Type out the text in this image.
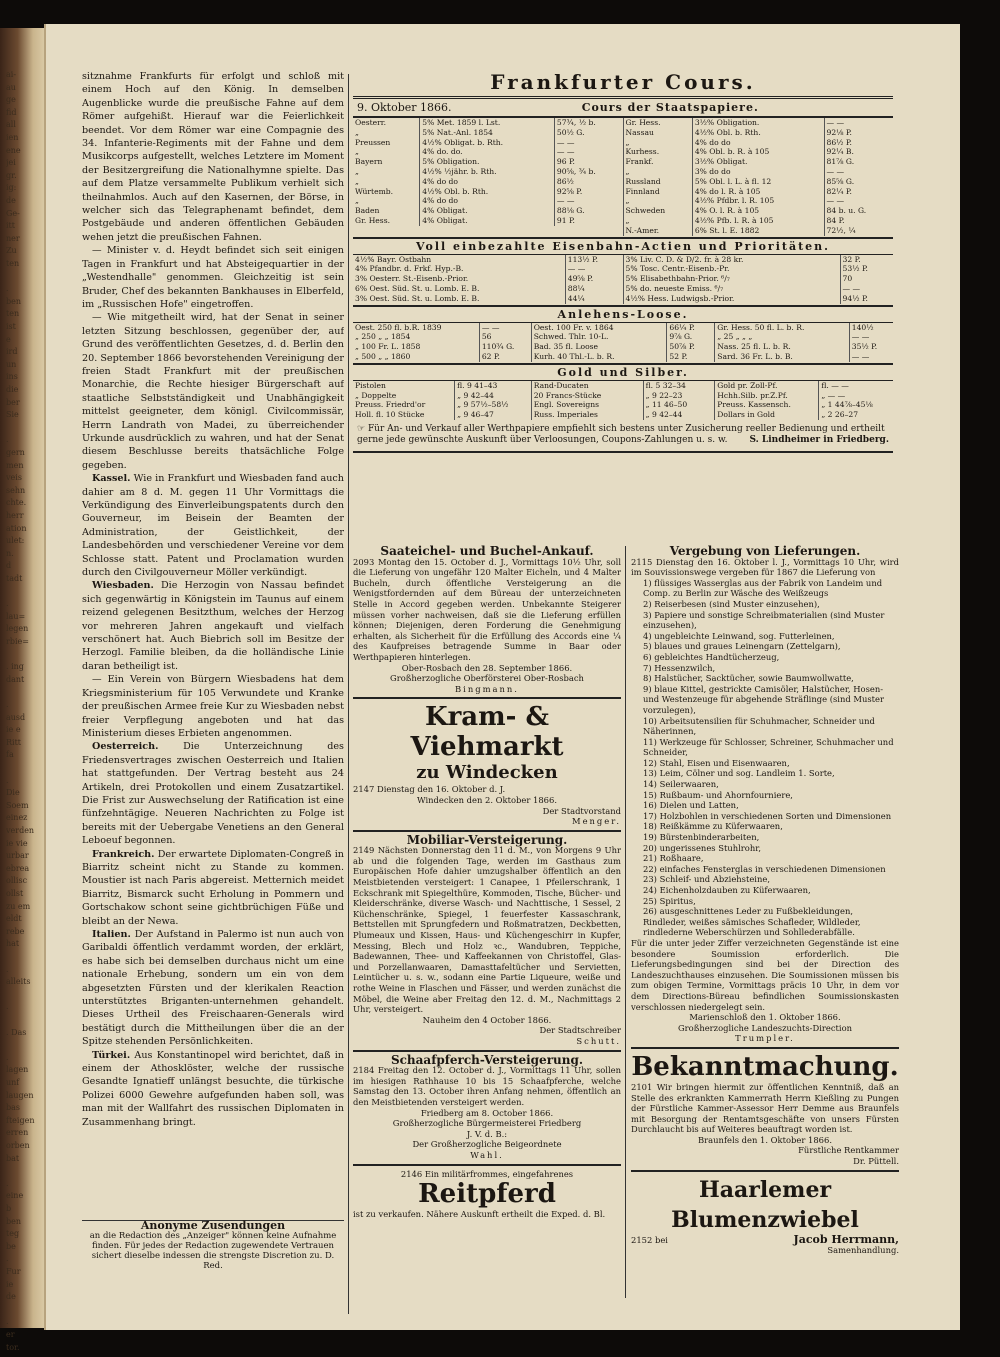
ai-
au
ge
fid
all
ien
ene
jei
gr.
ig:
de
Ge-
itt
ner
Zu
ten
.
ben
ten
ist
e
ird
un
ins
die
ber
Sie
.
gern
men
veis
sehn
chte.
herr
ation
ulet:
n.
d
tadt
.
lau=
legen
rbie=
. ing
dant
.
ausd
ie e
Ritt
fa
.
Die
Soem
einez
verden
ie vie
urbar
ebrea
ollisc
ollst
zu em
eldt
rebe
hat
.
alleits
.
. Das
.
lagen
unf
laugen
bas
fteigen
erren
orben
bat
.
eine
b
ben
teg
be
.
Fur
ie
de
.
er
tor.

sitznahme Frankfurts für erfolgt und schloß mit einem Hoch auf den König. In demselben Augenblicke wurde die preußische Fahne auf dem Römer aufgehißt. Hierauf war die Feierlichkeit beendet. Vor dem Römer war eine Compagnie des 34. Infanterie-Regiments mit der Fahne und dem Musikcorps aufgestellt, welches Letztere im Moment der Besitzergreifung die Nationalhymne spielte. Das auf dem Platze versammelte Publikum verhielt sich theilnahmlos. Auch auf den Kasernen, der Börse, in welcher sich das Telegraphenamt befindet, dem Postgebäude und anderen öffentlichen Gebäuden wehen jetzt die preußischen Fahnen.

— Minister v. d. Heydt befindet sich seit einigen Tagen in Frankfurt und hat Absteigequartier in der „Westendhalle" genommen. Gleichzeitig ist sein Bruder, Chef des bekannten Bankhauses in Elberfeld, im „Russischen Hofe" eingetroffen.

— Wie mitgetheilt wird, hat der Senat in seiner letzten Sitzung beschlossen, gegenüber der, auf Grund des veröffentlichten Gesetzes, d. d. Berlin den 20. September 1866 bevorstehenden Vereinigung der freien Stadt Frankfurt mit der preußischen Monarchie, die Rechte hiesiger Bürgerschaft auf staatliche Selbstständigkeit und Unabhängigkeit mittelst geeigneter, dem königl. Civilcommissär, Herrn Landrath von Madei, zu überreichender Urkunde ausdrücklich zu wahren, und hat der Senat diesem Beschlusse bereits thatsächliche Folge gegeben.

Kassel. Wie in Frankfurt und Wiesbaden fand auch dahier am 8 d. M. gegen 11 Uhr Vormittags die Verkündigung des Einverleibungspatents durch den Gouverneur, im Beisein der Beamten der Administration, der Geistlichkeit, der Landesbehörden und verschiedener Vereine vor dem Schlosse statt. Patent und Proclamation wurden durch den Civilgouverneur Möller verkündigt.

Wiesbaden. Die Herzogin von Nassau befindet sich gegenwärtig in Königstein im Taunus auf einem reizend gelegenen Besitzthum, welches der Herzog vor mehreren Jahren angekauft und vielfach verschönert hat. Auch Biebrich soll im Besitze der Herzogl. Familie bleiben, da die holländische Linie daran betheiligt ist.

— Ein Verein von Bürgern Wiesbadens hat dem Kriegsministerium für 105 Verwundete und Kranke der preußischen Armee freie Kur zu Wiesbaden nebst freier Verpflegung angeboten und hat das Ministerium dieses Erbieten angenommen.

Oesterreich.	Die Unterzeichnung des Friedensvertrages zwischen Oesterreich und Italien hat stattgefunden. Der Vertrag besteht aus 24 Artikeln, drei Protokollen und einem Zusatzartikel. Die Frist zur Auswechselung der Ratification ist eine fünfzehntägige. Neueren Nachrichten zu Folge ist bereits mit der Uebergabe Venetiens an den General Leboeuf begonnen.

Frankreich. Der erwartete Diplomaten-Congreß in Biarritz scheint nicht zu Stande zu kommen. Moustier ist nach Paris abgereist. Metternich meidet Biarritz, Bismarck sucht Erholung in Pommern und Gortschakow schont seine gichtbrüchigen Füße und bleibt an der Newa.

Italien. Der Aufstand in Palermo ist nun auch von Garibaldi öffentlich verdammt worden, der erklärt, es habe sich bei demselben durchaus nicht um eine nationale Erhebung, sondern um ein von dem abgesetzten Fürsten und der klerikalen Reaction unterstütztes Briganten-unternehmen gehandelt. Dieses Urtheil des Freischaaren-Generals wird bestätigt durch die Mittheilungen über die an der Spitze stehenden Persönlichkeiten.

Türkei. Aus Konstantinopel wird berichtet, daß in einem der Athosklöster, welche der russische Gesandte Ignatieff unlängst besuchte, die türkische Polizei 6000 Gewehre aufgefunden haben soll, was man mit der Wallfahrt des russischen Diplomaten in Zusammenhang bringt.

Anonyme Zusendungen
an die Redaction des „Anzeiger" können keine Aufnahme finden. Für jedes der Redaction zugewendete Vertrauen sichert dieselbe indessen die strengste Discretion zu. D. Red.
Frankfurter Cours.
9. Oktober 1866.	Cours der Staatspapiere.
Oesterr.	5% Met. 1859 l. Lst.	57¾, ½ b.
„	5% Nat.-Anl. 1854	50½ G.
Preussen	4½% Obligat. b. Rth.	— —
„	4% do. do.	— —
Bayern	5% Obligation.	96 P.
„	4½% ½jähr. b. Rth.	90⅝, ¾ b.
„	4% do do	86½
Würtemb.	4½% Obl. b. Rth.	92⅝ P.
„	4% do do	— —
Baden	4% Obligat.	88⅛ G.
Gr. Hess.	4% Obligat.	91 P.

Gr. Hess.	3½% Obligation.	— —
Nassau	4½% Obl. b. Rth.	92⅛ P.
„	4% do do	86½ P.
Kurhess.	4% Obl. b. R. à 105	92¼ B.
Frankf.	3½% Obligat.	81⅞ G.
„	3% do do	— —
Russland	5% Obl. l. L. à fl. 12	85⅝ G.
Finnland	4% do l. R. à 105	82¼ P.
„	4½% Pfdbr. l. R. 105	— —
Schweden	4% O. l. R. à 105	84 b. u. G.
„	4½% Pfb. l. R. à 105	84 P.
N.-Amer.	6% St. l. E. 1882	72½, ¼
Voll einbezahlte Eisenbahn-Actien und Prioritäten.
4½% Bayr. Ostbahn	113½ P.
4% Pfandbr. d. Frkf. Hyp.-B.	— —
3% Oesterr. St.-Eisenb.-Prior.	49⅝ P.
6% Oest. Süd. St. u. Lomb. E. B.	88¼
3% Oest. Süd. St. u. Lomb. E. B.	44¼

3% Liv. C. D. & D/2. fr. à 28 kr.	32 P.
5% Tosc. Centr.-Eisenb.-Pr.	53½ P.
5% Elisabethbahn-Prior. ⁶/₇	70
5% do. neueste Emiss. ⁶/₇	— —
4½% Hess. Ludwigsb.-Prior.	94½ P.
Anlehens-Loose.
Oest. 250 fl. b.R. 1839	— —
„ 250 „ „ 1854	56
„ 100 Fr. L. 1858	110¾ G.
„ 500 „ „ 1860	62 P.

Oest. 100 Fr. v. 1864	66¼ P.
Schwed. Thlr. 10-L.	9⅞ G.
Bad. 35 fl. Loose	50⅞ P.
Kurh. 40 Thl.-L. b. R.	52 P.

Gr. Hess. 50 fl. L. b. R.	140½
„ 25 „ „ „	— —
Nass. 25 fl. L. b. R.	35½ P.
Sard. 36 Fr. L. b. B.	— —
Gold und Silber.
Pistolen	fl. 9 41–43
„ Doppelte	„ 9 42–44
Preuss. Friedrd'or	„ 9 57½–58½
Holl. fl. 10 Stücke	„ 9 46–47

Rand-Ducaten	fl. 5 32–34
20 Francs-Stücke	„ 9 22–23
Engl. Sovereigns	„ 11 46–50
Russ. Imperiales	„ 9 42–44

Gold pr. Zoll-Pf.	fl. — —
Hchh.Silb. pr.Z.Pf.	„ — —
Preuss. Kassensch.	„ 1 44⅞–45⅛
Dollars in Gold	„ 2 26–27
☞ Für An- und Verkauf aller Werthpapiere empfiehlt sich bestens unter Zusicherung reeller Bedienung und ertheilt gerne jede gewünschte Auskunft über Verloosungen, Coupons-Zahlungen u. s. w. S. Lindheimer in Friedberg.
Saateichel- und Buchel-Ankauf.
2093 Montag den 15. October d. J., Vormittags 10½ Uhr, soll die Lieferung von ungefähr 120 Malter Eicheln, und 4 Malter Bucheln, durch öffentliche Versteigerung an die Wenigstfordernden auf dem Büreau der unterzeichneten Stelle in Accord gegeben werden. Unbekannte Steigerer müssen vorher nachweisen, daß sie die Lieferung erfüllen können; Diejenigen, deren Forderung die Genehmigung erhalten, als Sicherheit für die Erfüllung des Accords eine ¼ des Kaufpreises betragende Summe in Baar oder Werthpapieren hinterlegen.
Ober-Rosbach den 28. September 1866.
Großherzogliche Oberförsterei Ober-Rosbach
Bingmann.
Kram- & Viehmarkt
zu Windecken
2147 Dienstag den 16. Oktober d. J.
Windecken den 2. Oktober 1866.
Der Stadtvorstand
Menger.
Mobiliar-Versteigerung.
2149 Nächsten Donnerstag den 11 d. M., von Morgens 9 Uhr ab und die folgenden Tage, werden im Gasthaus zum Europäischen Hofe dahier umzugshalber öffentlich an den Meistbietenden versteigert: 1 Canapee, 1 Pfeilerschrank, 1 Eckschrank mit Spiegelthüre, Kommoden, Tische, Bücher- und Kleiderschränke, diverse Wasch- und Nachttische, 1 Sessel, 2 Küchenschränke, Spiegel, 1 feuerfester Kassaschrank, Bettstellen mit Sprungfedern und Roßmatratzen, Deckbetten, Plumeaux und Kissen, Haus- und Küchengeschirr in Kupfer, Messing, Blech und Holz ꝛc., Wandubren, Teppiche, Badewannen, Thee- und Kaffeekannen von Christoffel, Glas- und Porzellanwaaren, Damasttafeltücher und Servietten, Leintücher u. s. w., sodann eine Partie Liqueure, weiße und rothe Weine in Flaschen und Fässer, und werden zunächst die Möbel, die Weine aber Freitag den 12. d. M., Nachmittags 2 Uhr, versteigert.
Nauheim den 4 October 1866.
Der Stadtschreiber
Schutt.
Schaafpferch-Versteigerung.
2184 Freitag den 12. October d. J., Vormittags 11 Uhr, sollen im hiesigen Rathhause 10 bis 15 Schaafpferche, welche Samstag den 13. October ihren Anfang nehmen, öffentlich an den Meistbietenden versteigert werden.
Friedberg am 8. October 1866.
Großherzogliche Bürgermeisterei Friedberg
J. V. d. B.:
Der Großherzogliche Beigeordnete
Wahl.
2146 Ein militärfrommes, eingefahrenes
Reitpferd
ist zu verkaufen. Nähere Auskunft ertheilt die Exped. d. Bl.
Vergebung von Lieferungen.
2115 Dienstag den 16. Oktober l. J., Vormittags 10 Uhr, wird im Souvissionswege vergeben für 1867 die Lieferung von
1) flüssiges Wasserglas aus der Fabrik von Landeim und Comp. zu Berlin zur Wäsche des Weißzeugs
2) Reiserbesen (sind Muster einzusehen),
3) Papiere und sonstige Schreibmaterialien (sind Muster einzusehen),
4) ungebleichte Leinwand, sog. Futterleinen,
5) blaues und graues Leinengarn (Zettelgarn),
6) gebleichtes Handtücherzeug,
7) Hessenzwilch,
8) Halstücher, Sacktücher, sowie Baumwollwatte,
9) blaue Kittel, gestrickte Camisöler, Halstücher, Hosen- und Westenzeuge für abgehende Sträflinge (sind Muster vorzulegen),
10) Arbeitsutensilien für Schuhmacher, Schneider und Näherinnen,
11) Werkzeuge für Schlosser, Schreiner, Schuhmacher und Schneider,
12) Stahl, Eisen und Eisenwaaren,
13) Leim, Cölner und sog. Landleim 1. Sorte,
14) Seilerwaaren,
15) Rußbaum- und Ahornfourniere,
16) Dielen und Latten,
17) Holzbohlen in verschiedenen Sorten und Dimensionen
18) Reißkämme zu Küferwaaren,
19) Bürstenbinderarbeiten,
20) ungerissenes Stuhlrohr,
21) Roßhaare,
22) einfaches Fensterglas in verschiedenen Dimensionen
23) Schleif- und Abziehsteine,
24) Eichenholzdauben zu Küferwaaren,
25) Spiritus,
26) ausgeschnittenes Leder zu Fußbekleidungen, Rindleder, weißes sämisches Schafleder, Wildleder, rindlederne Weberschürzen und Sohllederabfälle.
Für die unter jeder Ziffer verzeichneten Gegenstände ist eine besondere Soumission erforderlich. Die Lieferungsbedingungen sind bei der Direction des Landeszuchthauses einzusehen. Die Soumissionen müssen bis zum obigen Termine, Vormittags präcis 10 Uhr, in dem vor dem Directions-Büreau befindlichen Soumissionskasten verschlossen niedergelegt sein.
Marienschloß den 1. Oktober 1866.
Großherzogliche Landeszuchts-Direction
Trumpler.
Bekanntmachung.
2101 Wir bringen hiermit zur öffentlichen Kenntniß, daß an Stelle des erkrankten Kammerrath Herrn Kießling zu Pungen der Fürstliche Kammer-Assessor Herr Demme aus Braunfels mit Besorgung der Rentamtsgeschäfte von unsers Fürsten Durchlaucht bis auf Weiteres beauftragt worden ist.
Braunfels den 1. Oktober 1866.
Fürstliche Rentkammer
Dr. Püttell.
Haarlemer Blumenzwiebel
2152 bei	Jacob Herrmann,
Samenhandlung.
